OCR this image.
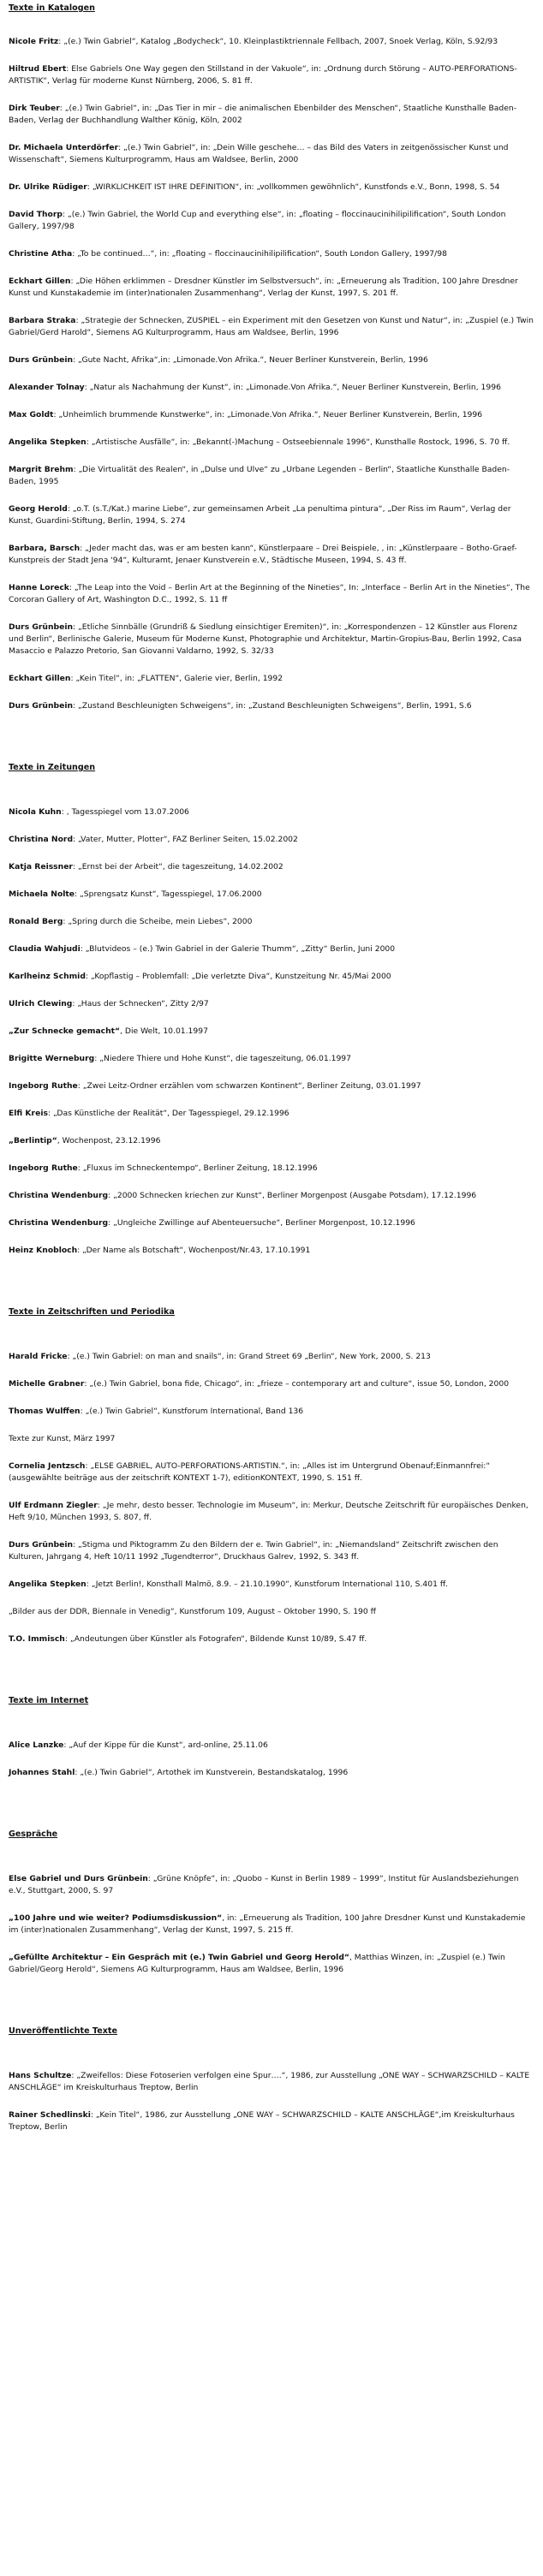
Texte in Katalogen

Nicole Fritz: „(e.) Twin Gabriel“, Katalog „Bodycheck“, 10. Kleinplastiktriennale Fellbach, 2007, Snoek Verlag, Köln, S.92/93

Hiltrud Ebert: Else Gabriels One Way gegen den Stillstand in der Vakuole“, in: „Ordnung durch Störung – AUTO-PERFORATIONS-ARTISTIK“, Verlag für moderne Kunst Nürnberg, 2006, S. 81 ff.

Dirk Teuber: „(e.) Twin Gabriel“, in: „Das Tier in mir – die animalischen Ebenbilder des Menschen“, Staatliche Kunsthalle Baden-Baden, Verlag der Buchhandlung Walther König, Köln, 2002

Dr. Michaela Unterdörfer: „(e.) Twin Gabriel“, in: „Dein Wille geschehe… – das Bild des Vaters in zeitgenössischer Kunst und Wissenschaft“, Siemens Kulturprogramm, Haus am Waldsee, Berlin, 2000

Dr. Ulrike Rüdiger: „WIRKLICHKEIT IST IHRE DEFINITION“, in: „vollkommen gewöhnlich“, Kunstfonds e.V., Bonn, 1998, S. 54

David Thorp: „(e.) Twin Gabriel, the World Cup and everything else“, in: „floating – floccinaucinihilipilification“, South London Gallery, 1997/98

Christine Atha: „To be continued…“, in: „floating – floccinaucinihilipilification“, South London Gallery, 1997/98

Eckhart Gillen: „Die Höhen erklimmen – Dresdner Künstler im Selbstversuch“, in: „Erneuerung als Tradition, 100 Jahre Dresdner Kunst und Kunstakademie im (inter)nationalen Zusammenhang“, Verlag der Kunst, 1997, S. 201 ff.

Barbara Straka: „Strategie der Schnecken, ZUSPIEL – ein Experiment mit den Gesetzen von Kunst und Natur“, in: „Zuspiel (e.) Twin Gabriel/Gerd Harold“, Siemens AG Kulturprogramm, Haus am Waldsee, Berlin, 1996

Durs Grünbein: „Gute Nacht, Afrika“,in: „Limonade.Von Afrika.“, Neuer Berliner Kunstverein, Berlin, 1996

Alexander Tolnay: „Natur als Nachahmung der Kunst“, in: „Limonade.Von Afrika.“, Neuer Berliner Kunstverein, Berlin, 1996

Max Goldt: „Unheimlich brummende Kunstwerke“, in: „Limonade.Von Afrika.“, Neuer Berliner Kunstverein, Berlin, 1996

Angelika Stepken: „Artistische Ausfälle“, in: „Bekannt(-)Machung – Ostseebiennale 1996“, Kunsthalle Rostock, 1996, S. 70 ff.

Margrit Brehm: „Die Virtualität des Realen“, in „Dulse und Ulve“ zu „Urbane Legenden – Berlin“, Staatliche Kunsthalle Baden-Baden, 1995

Georg Herold: „o.T. (s.T./Kat.) marine Liebe“, zur gemeinsamen Arbeit „La penultima pintura“, „Der Riss im Raum“, Verlag der Kunst, Guardini-Stiftung, Berlin, 1994, S. 274

Barbara, Barsch: „Jeder macht das, was er am besten kann“, Künstlerpaare – Drei Beispiele, , in: „Künstlerpaare – Botho-Graef-Kunstpreis der Stadt Jena '94“, Kulturamt, Jenaer Kunstverein e.V., Städtische Museen, 1994, S. 43 ff.

Hanne Loreck: „The Leap into the Void – Berlin Art at the Beginning of the Nineties“, In: „Interface – Berlin Art in the Nineties“, The Corcoran Gallery of Art, Washington D.C., 1992, S. 11 ff

Durs Grünbein: „Etliche Sinnbälle (Grundriß & Siedlung einsichtiger Eremiten)“, in: „Korrespondenzen – 12 Künstler aus Florenz und Berlin“, Berlinische Galerie, Museum für Moderne Kunst, Photographie und Architektur, Martin-Gropius-Bau, Berlin 1992, Casa Masaccio e Palazzo Pretorio, San Giovanni Valdarno, 1992, S. 32/33

Eckhart Gillen: „Kein Titel“, in: „FLATTEN“, Galerie vier, Berlin, 1992

Durs Grünbein: „Zustand Beschleunigten Schweigens“, in: „Zustand Beschleunigten Schweigens“, Berlin, 1991, S.6

Texte in Zeitungen

Nicola Kuhn: , Tagesspiegel vom 13.07.2006

Christina Nord: „Vater, Mutter, Plotter“, FAZ Berliner Seiten, 15.02.2002

Katja Reissner: „Ernst bei der Arbeit“, die tageszeitung, 14.02.2002

Michaela Nolte: „Sprengsatz Kunst“, Tagesspiegel, 17.06.2000

Ronald Berg: „Spring durch die Scheibe, mein Liebes“, 2000

Claudia Wahjudi: „Blutvideos – (e.) Twin Gabriel in der Galerie Thumm“, „Zitty“ Berlin, Juni 2000

Karlheinz Schmid: „Kopflastig – Problemfall: „Die verletzte Diva“, Kunstzeitung Nr. 45/Mai 2000

Ulrich Clewing: „Haus der Schnecken“, Zitty 2/97

„Zur Schnecke gemacht“, Die Welt, 10.01.1997

Brigitte Werneburg: „Niedere Thiere und Hohe Kunst“, die tageszeitung, 06.01.1997

Ingeborg Ruthe: „Zwei Leitz-Ordner erzählen vom schwarzen Kontinent“, Berliner Zeitung, 03.01.1997

Elfi Kreis: „Das Künstliche der Realität“, Der Tagesspiegel, 29.12.1996

„Berlintip“, Wochenpost, 23.12.1996

Ingeborg Ruthe: „Fluxus im Schneckentempo“, Berliner Zeitung, 18.12.1996

Christina Wendenburg: „2000 Schnecken kriechen zur Kunst“, Berliner Morgenpost (Ausgabe Potsdam), 17.12.1996

Christina Wendenburg: „Ungleiche Zwillinge auf Abenteuersuche“, Berliner Morgenpost, 10.12.1996

Heinz Knobloch: „Der Name als Botschaft“, Wochenpost/Nr.43, 17.10.1991

Texte in Zeitschriften und Periodika

Harald Fricke: „(e.) Twin Gabriel: on man and snails“, in: Grand Street 69 „Berlin“, New York, 2000, S. 213

Michelle Grabner: „(e.) Twin Gabriel, bona fide, Chicago“, in: „frieze – contemporary art and culture“, issue 50, London, 2000

Thomas Wulffen: „(e.) Twin Gabriel“, Kunstforum International, Band 136

Texte zur Kunst, März 1997

Cornelia Jentzsch: „ELSE GABRIEL, AUTO-PERFORATIONS-ARTISTIN.“, in: „Alles ist im Untergrund Obenauf;Einmannfrei:“ (ausgewählte beiträge aus der zeitschrift KONTEXT 1-7), editionKONTEXT, 1990, S. 151 ff.

Ulf Erdmann Ziegler: „Je mehr, desto besser. Technologie im Museum“, in: Merkur, Deutsche Zeitschrift für europäisches Denken, Heft 9/10, München 1993, S. 807, ff.

Durs Grünbein: „Stigma und Piktogramm Zu den Bildern der e. Twin Gabriel“, in: „Niemandsland“ Zeitschrift zwischen den Kulturen, Jahrgang 4, Heft 10/11 1992 „Tugendterror“, Druckhaus Galrev, 1992, S. 343 ff.

Angelika Stepken: „Jetzt Berlin!, Konsthall Malmö, 8.9. – 21.10.1990“, Kunstforum International 110, S.401 ff.

„Bilder aus der DDR, Biennale in Venedig“, Kunstforum 109, August – Oktober 1990, S. 190 ff

T.O. Immisch: „Andeutungen über Künstler als Fotografen“, Bildende Kunst 10/89, S.47 ff.

Texte im Internet

Alice Lanzke: „Auf der Kippe für die Kunst“, ard-online, 25.11.06

Johannes Stahl: „(e.) Twin Gabriel“, Artothek im Kunstverein, Bestandskatalog, 1996

Gespräche

Else Gabriel und Durs Grünbein: „Grüne Knöpfe“, in: „Quobo – Kunst in Berlin 1989 – 1999“, Institut für Auslandsbeziehungen e.V., Stuttgart, 2000, S. 97

„100 Jahre und wie weiter? Podiumsdiskussion“, in: „Erneuerung als Tradition, 100 Jahre Dresdner Kunst und Kunstakademie im (inter)nationalen Zusammenhang“, Verlag der Kunst, 1997, S. 215 ff.

„Gefüllte Architektur – Ein Gespräch mit (e.) Twin Gabriel und Georg Herold“, Matthias Winzen, in: „Zuspiel (e.) Twin Gabriel/Georg Herold“, Siemens AG Kulturprogramm, Haus am Waldsee, Berlin, 1996

Unveröffentlichte Texte

Hans Schultze: „Zweifellos: Diese Fotoserien verfolgen eine Spur….“, 1986, zur Ausstellung „ONE WAY – SCHWARZSCHILD – KALTE ANSCHLÄGE“ im Kreiskulturhaus Treptow, Berlin

Rainer Schedlinski: „Kein Titel“, 1986, zur Ausstellung „ONE WAY – SCHWARZSCHILD – KALTE ANSCHLÄGE“,im Kreiskulturhaus Treptow, Berlin
